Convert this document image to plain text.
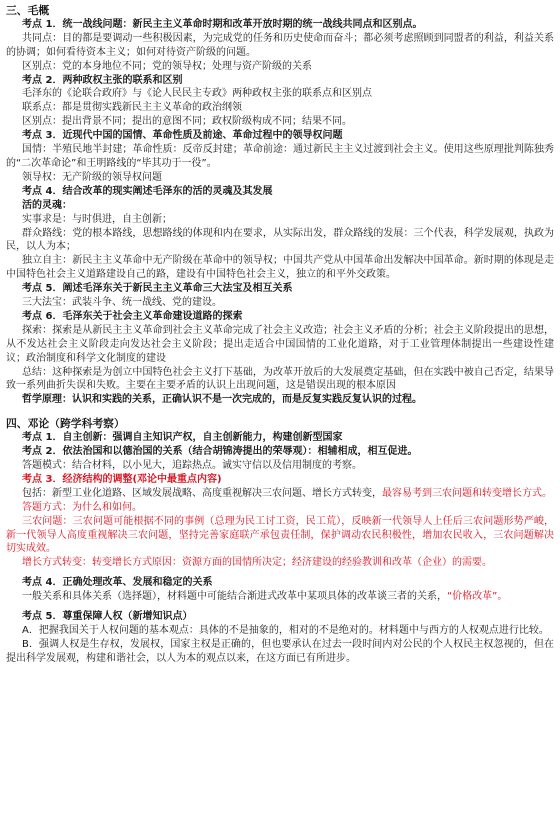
三、毛概
考点 1．统一战线问题：新民主主义革命时期和改革开放时期的统一战线共同点和区别点。
共同点：目的都是要调动一些积极因素，为完成党的任务和历史使命而奋斗；都必须考虑照顾到同盟者的利益，利益关系的协调；如何看待资本主义；如何对待资产阶级的问题。
区别点：党的本身地位不同；党的领导权；处理与资产阶级的关系
考点 2．两种政权主张的联系和区别
毛泽东的《论联合政府》与《论人民民主专政》两种政权主张的联系点和区别点
联系点：都是贯彻实践新民主主义革命的政治纲领
区别点：提出背景不同；提出的意图不同；政权阶级构成不同；结果不同。
考点 3．近现代中国的国情、革命性质及前途、革命过程中的领导权问题
国情：半殖民地半封建；革命性质：反帝反封建；革命前途：通过新民主主义过渡到社会主义。使用这些原理批判陈独秀的“二次革命论”和王明路线的“毕其功于一役”。
领导权：无产阶级的领导权问题
考点 4．结合改革的现实阐述毛泽东的活的灵魂及其发展
活的灵魂：
实事求是：与时俱进，自主创新；
群众路线：党的根本路线，思想路线的体现和内在要求，从实际出发，群众路线的发展：三个代表，科学发展观，执政为民，以人为本；
独立自主：新民主主义革命中无产阶级在革命中的领导权；中国共产党从中国革命出发解决中国革命。新时期的体现是走中国特色社会主义道路建设自己的路，建设有中国特色社会主义，独立的和平外交政策。
考点 5．阐述毛泽东关于新民主主义革命三大法宝及相互关系
三大法宝：武装斗争、统一战线、党的建设。
考点 6．毛泽东关于社会主义革命建设道路的探索
探索：探索是从新民主主义革命到社会主义革命完成了社会主义改造；社会主义矛盾的分析；社会主义阶段提出的思想，从不发达社会主义阶段走向发达社会主义阶段；提出走适合中国国情的工业化道路，对于工业管理体制提出一些建设性建议；政治制度和科学文化制度的建设
总结：这种探索是为创立中国特色社会主义打下基础，为改革开放后的大发展奠定基础，但在实践中被自己否定，结果导致一系列曲折失误和失败。主要在主要矛盾的认识上出现问题，这是错误出现的根本原因
哲学原理：认识和实践的关系，正确认识不是一次完成的，而是反复实践反复认识的过程。
四、邓论（跨学科考察）
考点 1．自主创新：强调自主知识产权，自主创新能力，构建创新型国家
考点 2．依法治国和以德治国的关系（结合胡锦涛提出的荣辱观）：相辅相成，相互促进。
答题模式：结合材料，以小见大，追踪热点。诚实守信以及信用制度的考察。
考点 3．经济结构的调整(邓论中最重点内容)
包括：新型工业化道路、区域发展战略、高度重视解决三农问题、增长方式转变，最容易考到三农问题和转变增长方式。
答题方式：为什么和如何。
三农问题：三农问题可能根据不同的事例（总理为民工讨工资，民工荒），反映新一代领导人上任后三农问题形势严峻，新一代领导人高度重视解决三农问题，坚持完善家庭联产承包责任制，保护调动农民积极性，增加农民收入，三农问题解决切实成效。
增长方式转变：转变增长方式原因：资源方面的国情所决定；经济建设的经验教训和改革（企业）的需要。
考点 4．正确处理改革、发展和稳定的关系
一般关系和具体关系（选择题），材料题中可能结合渐进式改革中某项具体的改革谈三者的关系，“价格改革”。
考点 5．尊重保障人权（新增知识点）
A．把握我国关于人权问题的基本观点：具体的不是抽象的，相对的不是绝对的。材料题中与西方的人权观点进行比较。
B．强调人权是生存权，发展权，国家主权是正确的，但也要承认在过去一段时间内对公民的个人权民主权忽视的，但在提出科学发展观，构建和谐社会，以人为本的观点以来，在这方面已有所进步。
